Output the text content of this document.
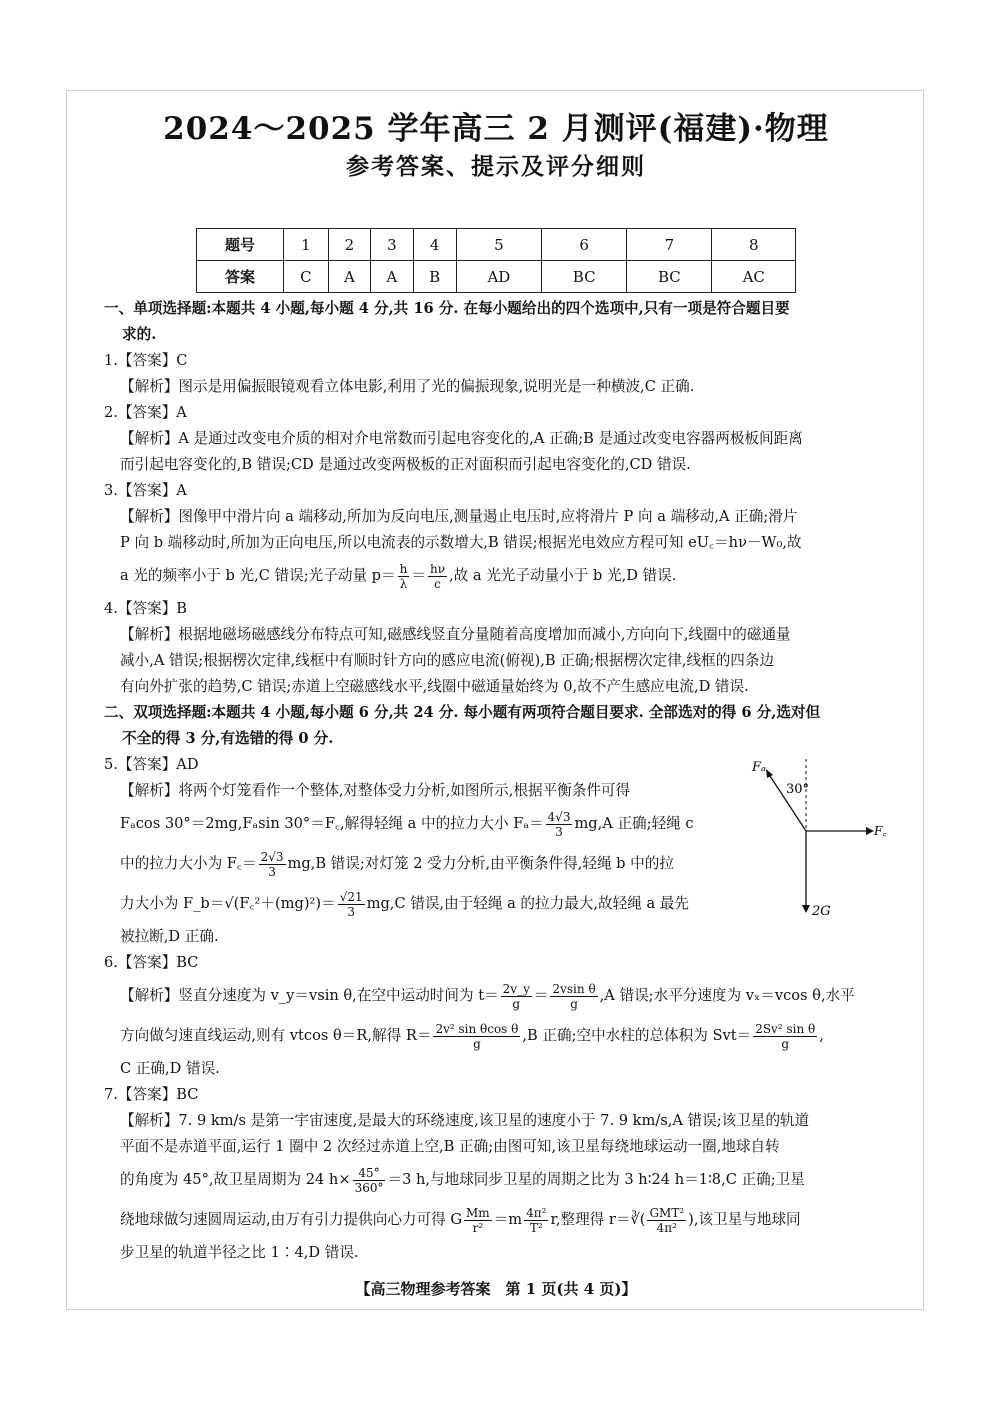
2024～2025 学年高三 2 月测评(福建)·物理
参考答案、提示及评分细则
题号	1	2	3	4	5	6	7	8
答案	C	A	A	B	AD	BC	BC	AC
一、单项选择题:本题共 4 小题,每小题 4 分,共 16 分. 在每小题给出的四个选项中,只有一项是符合题目要
求的.
1.【答案】C
【解析】图示是用偏振眼镜观看立体电影,利用了光的偏振现象,说明光是一种横波,C 正确.
2.【答案】A
【解析】A 是通过改变电介质的相对介电常数而引起电容变化的,A 正确;B 是通过改变电容器两极板间距离
而引起电容变化的,B 错误;CD 是通过改变两极板的正对面积而引起电容变化的,CD 错误.
3.【答案】A
【解析】图像甲中滑片向 a 端移动,所加为反向电压,测量遏止电压时,应将滑片 P 向 a 端移动,A 正确;滑片
P 向 b 端移动时,所加为正向电压,所以电流表的示数增大,B 错误;根据光电效应方程可知 eU꜀＝hν－W₀,故
a 光的频率小于 b 光,C 错误;光子动量 $p= \frac{h}{\lambda} = \frac{h\nu}{c}$ ,故 a 光光子动量小于 b 光,D 错误.
4.【答案】B
【解析】根据地磁场磁感线分布特点可知,磁感线竖直分量随着高度增加而减小,方向向下,线圈中的磁通量
减小,A 错误;根据楞次定律,线框中有顺时针方向的感应电流(俯视),B 正确;根据楞次定律,线框的四条边
有向外扩张的趋势,C 错误;赤道上空磁感线水平,线圈中磁通量始终为 0,故不产生感应电流,D 错误.
二、双项选择题:本题共 4 小题,每小题 6 分,共 24 分. 每小题有两项符合题目要求. 全部选对的得 6 分,选对但
不全的得 3 分,有选错的得 0 分.
5.【答案】AD
【解析】将两个灯笼看作一个整体,对整体受力分析,如图所示,根据平衡条件可得
Fₐcos 30°＝2mg,Fₐsin 30°＝F꜀,解得轻绳 a 中的拉力大小 $F_a= \frac{4√3}{3} mg,A$ 正确;轻绳 c
中的拉力大小为 F꜀＝ $\frac{2√3}{3} mg,B$ 错误;对灯笼 2 受力分析,由平衡条件得,轻绳 b 中的拉
力大小为 F_b＝√(F꜀²＋(mg)²)＝ $\frac{√21}{3} mg,C$ 错误,由于轻绳 a 的拉力最大,故轻绳 a 最先
被拉断,D 正确.
6.【答案】BC
【解析】竖直分速度为 v_y＝vsin θ,在空中运动时间为 $t= \frac{2v\_y}{g} = \frac{\text{2vsin θ}}{g} ,A$ 错误;水平分速度为 vₓ＝vcos θ,水平
方向做匀速直线运动,则有 vtcos θ＝R,解得 $R= \frac{\text{2v² sin θcos θ}}{g} ,B$ 正确;空中水柱的总体积为 $Svt= \frac{\text{2Sv² sin θ}}{g}$ ,
C 正确,D 错误.
7.【答案】BC
【解析】7. 9 km/s 是第一宇宙速度,是最大的环绕速度,该卫星的速度小于 7. 9 km/s,A 错误;该卫星的轨道
平面不是赤道平面,运行 1 圈中 2 次经过赤道上空,B 正确;由图可知,该卫星每绕地球运动一圈,地球自转
的角度为 45°,故卫星周期为 24 $h\times \frac{45^\circ}{360^\circ} =3$ h,与地球同步卫星的周期之比为 3 h∶24 h＝1∶8,C 正确;卫星
绕地球做匀速圆周运动,由万有引力提供向心力可得 G $\frac{Mm}{\text{r²}} =m \frac{\text{4π²}}{\text{T²}} r$,整理得 r＝∛( $\frac{\text{GMT²}}{\text{4π²}}$ ),该卫星与地球同
步卫星的轨道半径之比 1∶4,D 错误.
Fₐ
30°
F꜀
2G
【高三物理参考答案　第 1 页(共 4 页)】
